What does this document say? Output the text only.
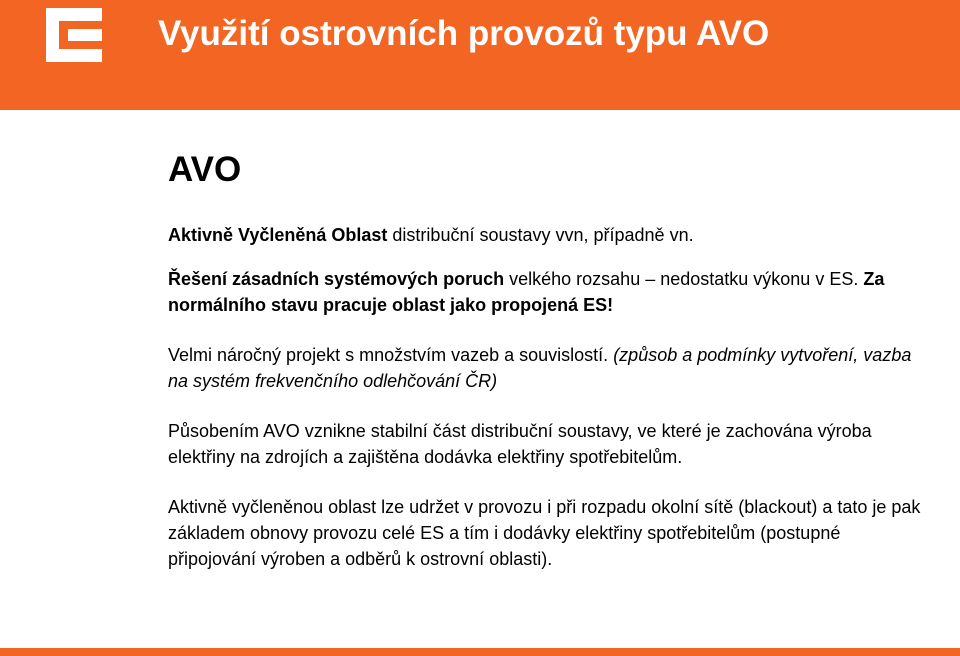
Využití ostrovních provozů typu AVO
AVO

Aktivně Vyčleněná Oblast distribuční soustavy vvn, případně vn.

Řešení zásadních systémových poruch velkého rozsahu – nedostatku výkonu v ES. Za normálního stavu pracuje oblast jako propojená ES!

Velmi náročný projekt s množstvím vazeb a souvislostí. (způsob a podmínky vytvoření, vazba na systém frekvenčního odlehčování ČR)

Působením AVO vznikne stabilní část distribuční soustavy, ve které je zachována výroba elektřiny na zdrojích a zajištěna dodávka elektřiny spotřebitelům.

Aktivně vyčleněnou oblast lze udržet v provozu i při rozpadu okolní sítě (blackout) a tato je pak základem obnovy provozu celé ES a tím i dodávky elektřiny spotřebitelům (postupné připojování výroben a odběrů k ostrovní oblasti).
